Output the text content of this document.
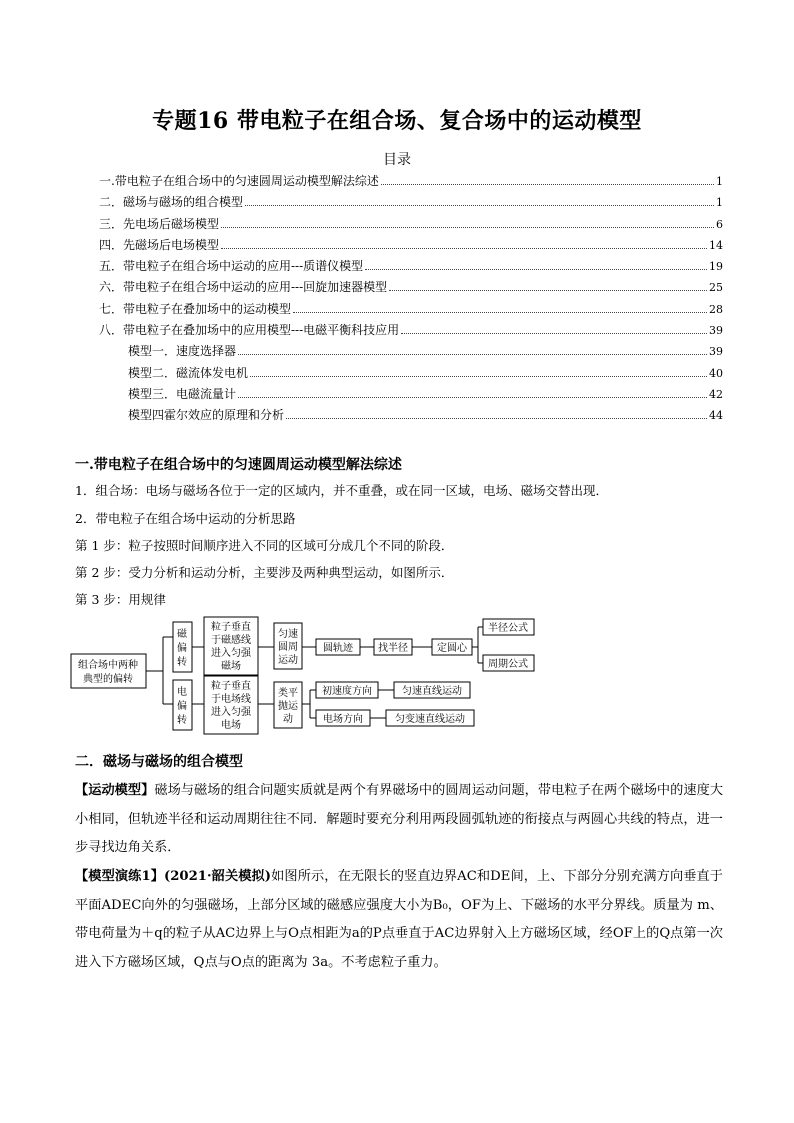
专题16 带电粒子在组合场、复合场中的运动模型
目录
一.带电粒子在组合场中的匀速圆周运动模型解法综述	1
二．磁场与磁场的组合模型	1
三．先电场后磁场模型	6
四．先磁场后电场模型	14
五．带电粒子在组合场中运动的应用---质谱仪模型	19
六．带电粒子在组合场中运动的应用---回旋加速器模型	25
七．带电粒子在叠加场中的运动模型	28
八．带电粒子在叠加场中的应用模型---电磁平衡科技应用	39
模型一．速度选择器	39
模型二．磁流体发电机	40
模型三．电磁流量计	42
模型四霍尔效应的原理和分析	44
一.带电粒子在组合场中的匀速圆周运动模型解法综述
1．组合场：电场与磁场各位于一定的区域内，并不重叠，或在同一区域，电场、磁场交替出现．
2．带电粒子在组合场中运动的分析思路
第 1 步：粒子按照时间顺序进入不同的区域可分成几个不同的阶段．
第 2 步：受力分析和运动分析，主要涉及两种典型运动，如图所示．
第 3 步：用规律
组合场中两种
典型的偏转
磁
偏
转
粒子垂直
于磁感线
进入匀强
磁场
匀速
圆周
运动
圆轨迹	找半径	定圆心
半径公式
周期公式
电
偏
转
粒子垂直
于电场线
进入匀强
电场
类平
抛运
动
初速度方向
电场方向
匀速直线运动
匀变速直线运动
二．磁场与磁场的组合模型
【运动模型】磁场与磁场的组合问题实质就是两个有界磁场中的圆周运动问题，带电粒子在两个磁场中的速度大小相同，但轨迹半径和运动周期往往不同．解题时要充分利用两段圆弧轨迹的衔接点与两圆心共线的特点，进一步寻找边角关系．
【模型演练1】(2021·韶关模拟)如图所示，在无限长的竖直边界AC和DE间，上、下部分分别充满方向垂直于平面ADEC向外的匀强磁场，上部分区域的磁感应强度大小为B₀，OF为上、下磁场的水平分界线。质量为 m、带电荷量为＋q的粒子从AC边界上与O点相距为a的P点垂直于AC边界射入上方磁场区域，经OF上的Q点第一次进入下方磁场区域，Q点与O点的距离为 3a。不考虑粒子重力。
